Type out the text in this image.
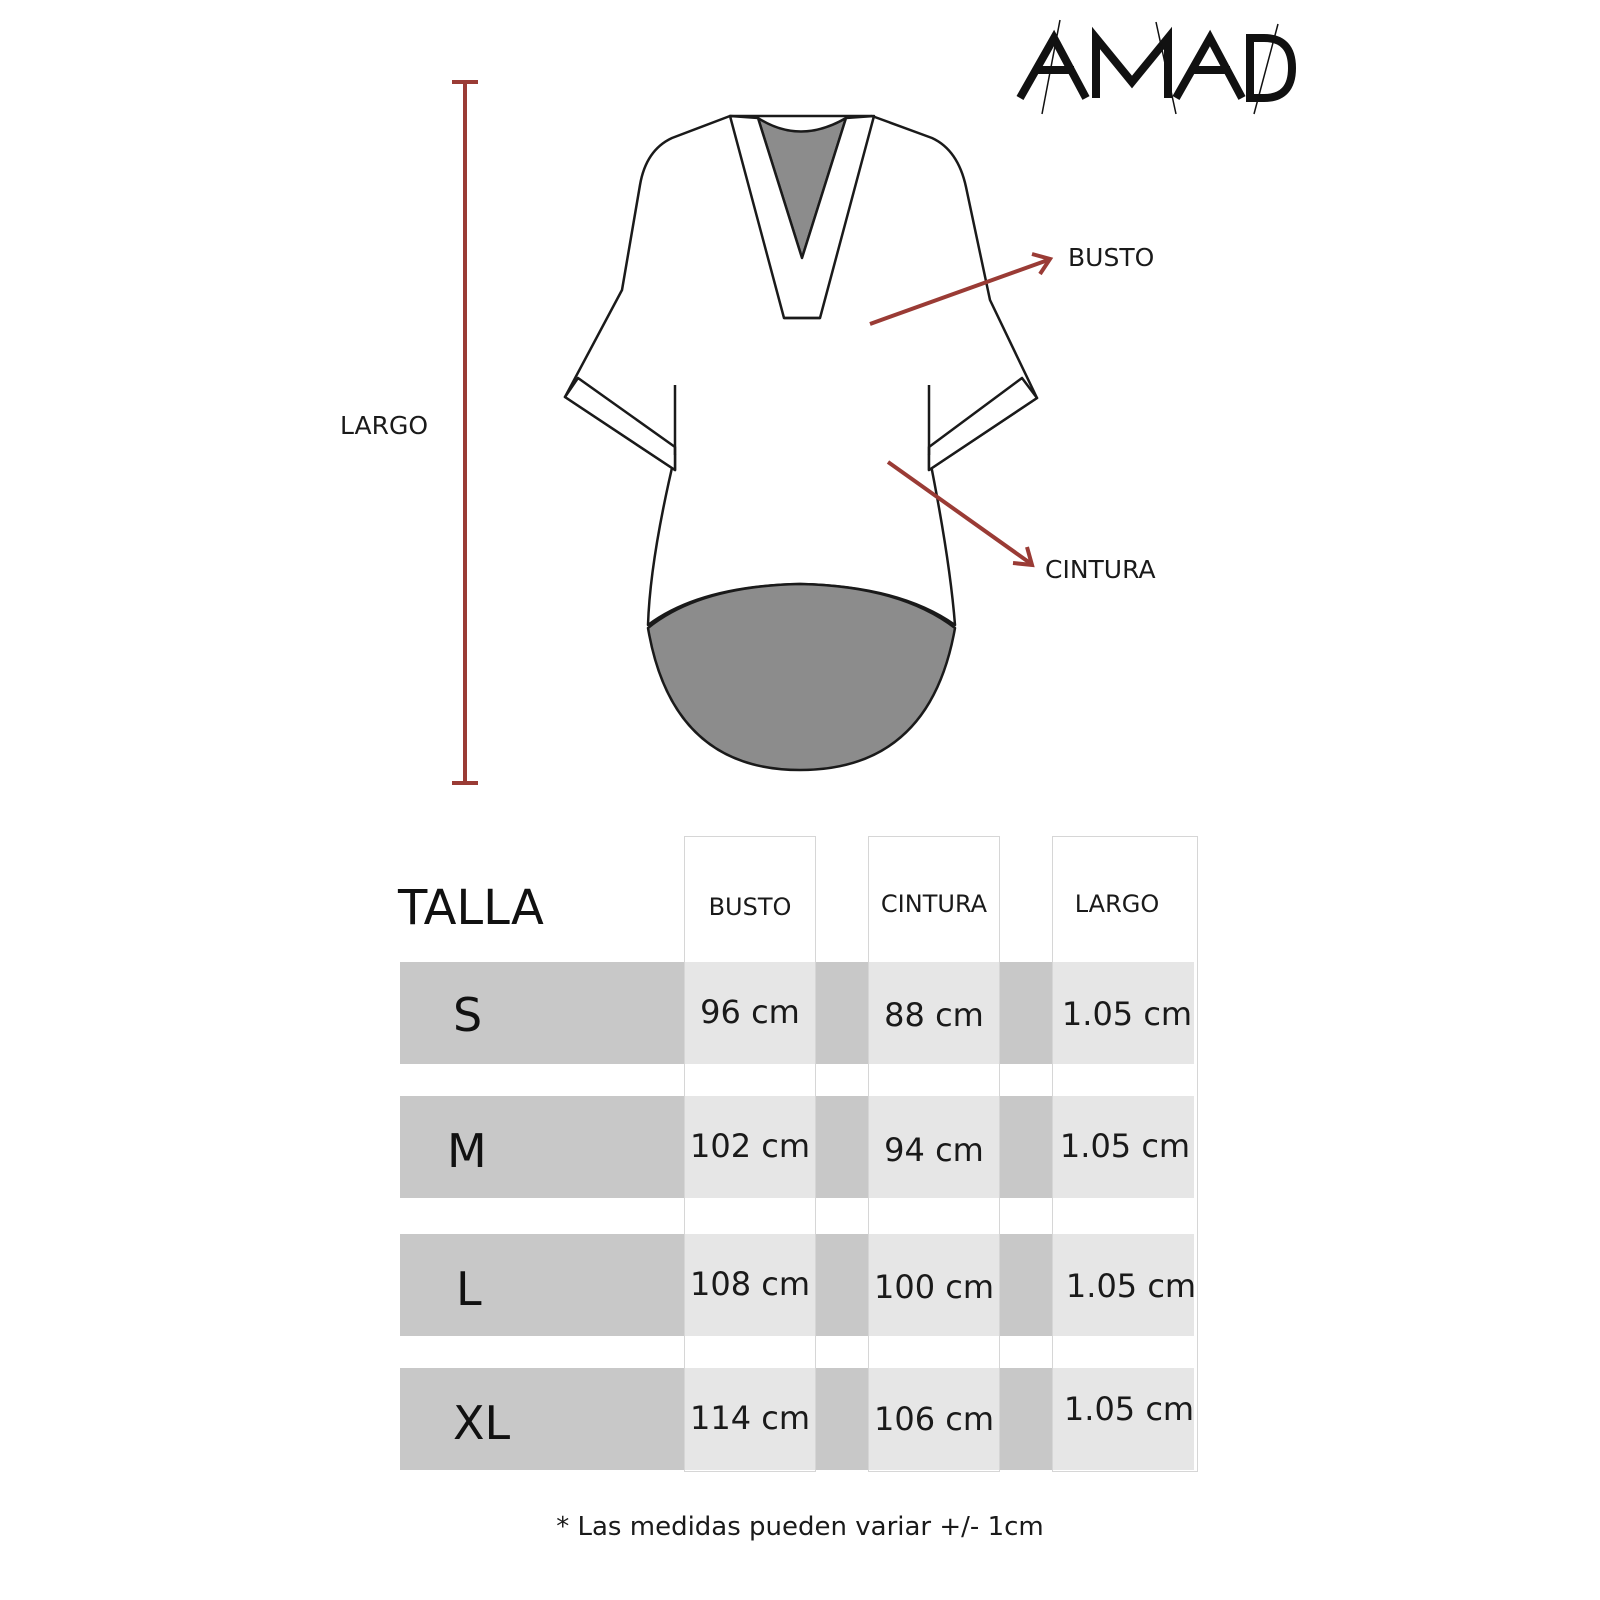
LARGO
BUSTO
CINTURA
TALLA	BUSTO	CINTURA	LARGO
S	96 cm	88 cm	1.05 cm
M	102 cm	94 cm	1.05 cm
L	108 cm 100 cm	1.05 cm
XL	114 cm 106 cm	1.05 cm
* Las medidas pueden variar +/- 1cm
